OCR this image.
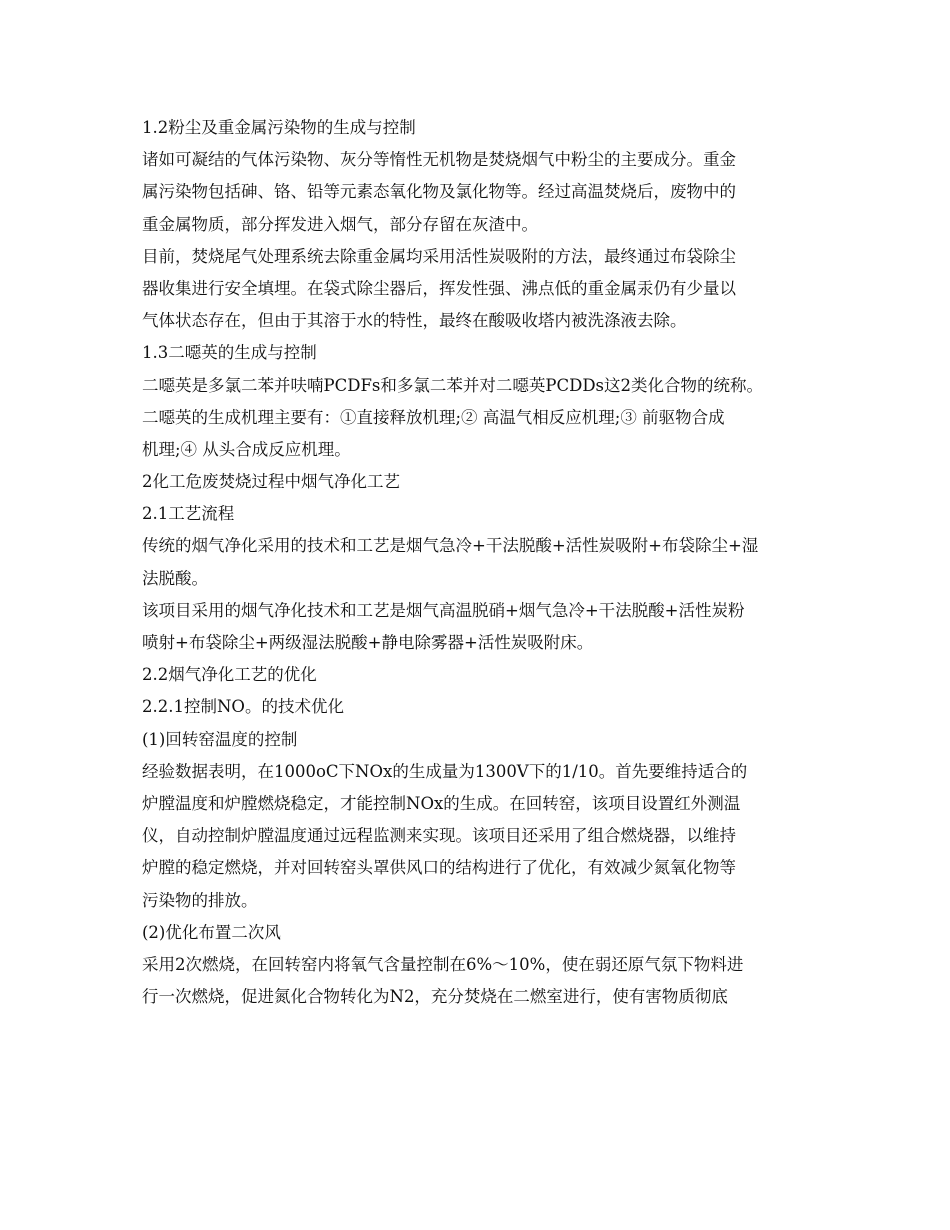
1.2粉尘及重金属污染物的生成与控制
诸如可凝结的气体污染物、灰分等惰性无机物是焚烧烟气中粉尘的主要成分。重金
属污染物包括砷、铬、铅等元素态氧化物及氯化物等。经过高温焚烧后，废物中的
重金属物质，部分挥发进入烟气，部分存留在灰渣中。
目前，焚烧尾气处理系统去除重金属均采用活性炭吸附的方法，最终通过布袋除尘
器收集进行安全填埋。在袋式除尘器后，挥发性强、沸点低的重金属汞仍有少量以
气体状态存在，但由于其溶于水的特性，最终在酸吸收塔内被洗涤液去除。
1.3二噁英的生成与控制
二噁英是多氯二苯并呋喃PCDFs和多氯二苯并对二噁英PCDDs这2类化合物的统称。
二噁英的生成机理主要有：①直接释放机理;② 高温气相反应机理;③ 前驱物合成
机理;④ 从头合成反应机理。
2化工危废焚烧过程中烟气净化工艺
2.1工艺流程
传统的烟气净化采用的技术和工艺是烟气急冷+干法脱酸+活性炭吸附+布袋除尘+湿
法脱酸。
该项目采用的烟气净化技术和工艺是烟气高温脱硝+烟气急冷+干法脱酸+活性炭粉
喷射+布袋除尘+两级湿法脱酸+静电除雾器+活性炭吸附床。
2.2烟气净化工艺的优化
2.2.1控制NO。的技术优化
(1)回转窑温度的控制
经验数据表明，在1000oC下NOx的生成量为1300V下的1/10。首先要维持适合的
炉膛温度和炉膛燃烧稳定，才能控制NOx的生成。在回转窑，该项目设置红外测温
仪，自动控制炉膛温度通过远程监测来实现。该项目还采用了组合燃烧器，以维持
炉膛的稳定燃烧，并对回转窑头罩供风口的结构进行了优化，有效减少氮氧化物等
污染物的排放。
(2)优化布置二次风
采用2次燃烧，在回转窑内将氧气含量控制在6%～10%，使在弱还原气氛下物料进
行一次燃烧，促进氮化合物转化为N2，充分焚烧在二燃室进行，使有害物质彻底
